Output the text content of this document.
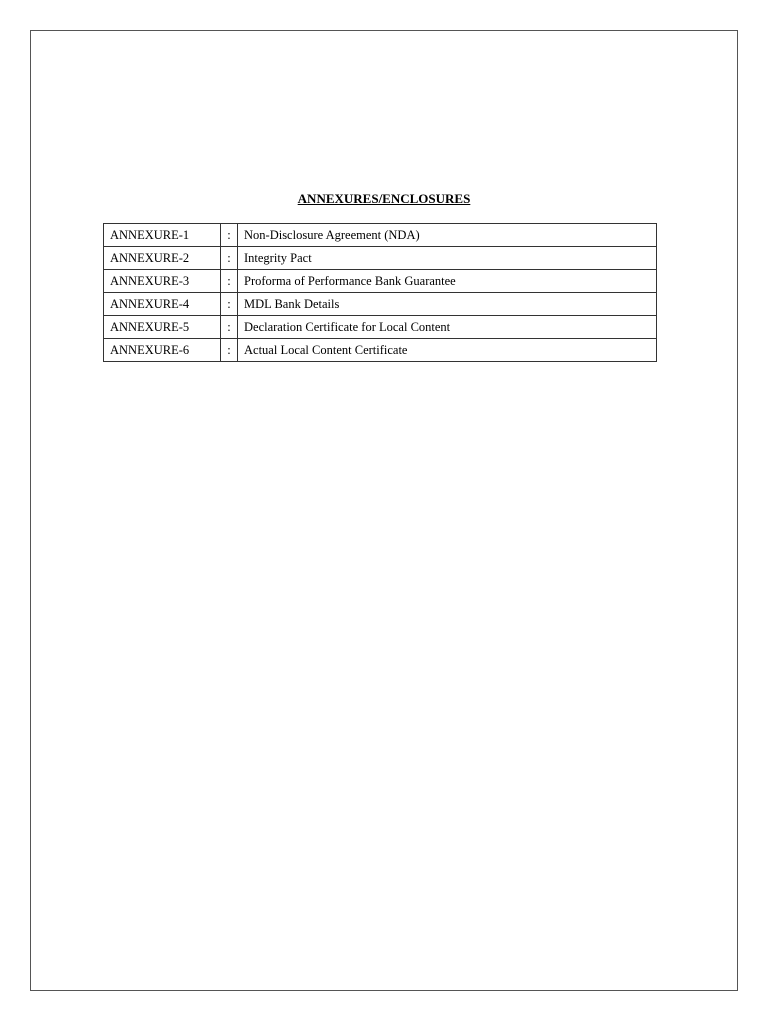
ANNEXURES/ENCLOSURES
ANNEXURE-1	:	Non-Disclosure Agreement (NDA)
ANNEXURE-2	:	Integrity Pact
ANNEXURE-3	:	Proforma of Performance Bank Guarantee
ANNEXURE-4	:	MDL Bank Details
ANNEXURE-5	:	Declaration Certificate for Local Content
ANNEXURE-6	:	Actual Local Content Certificate
